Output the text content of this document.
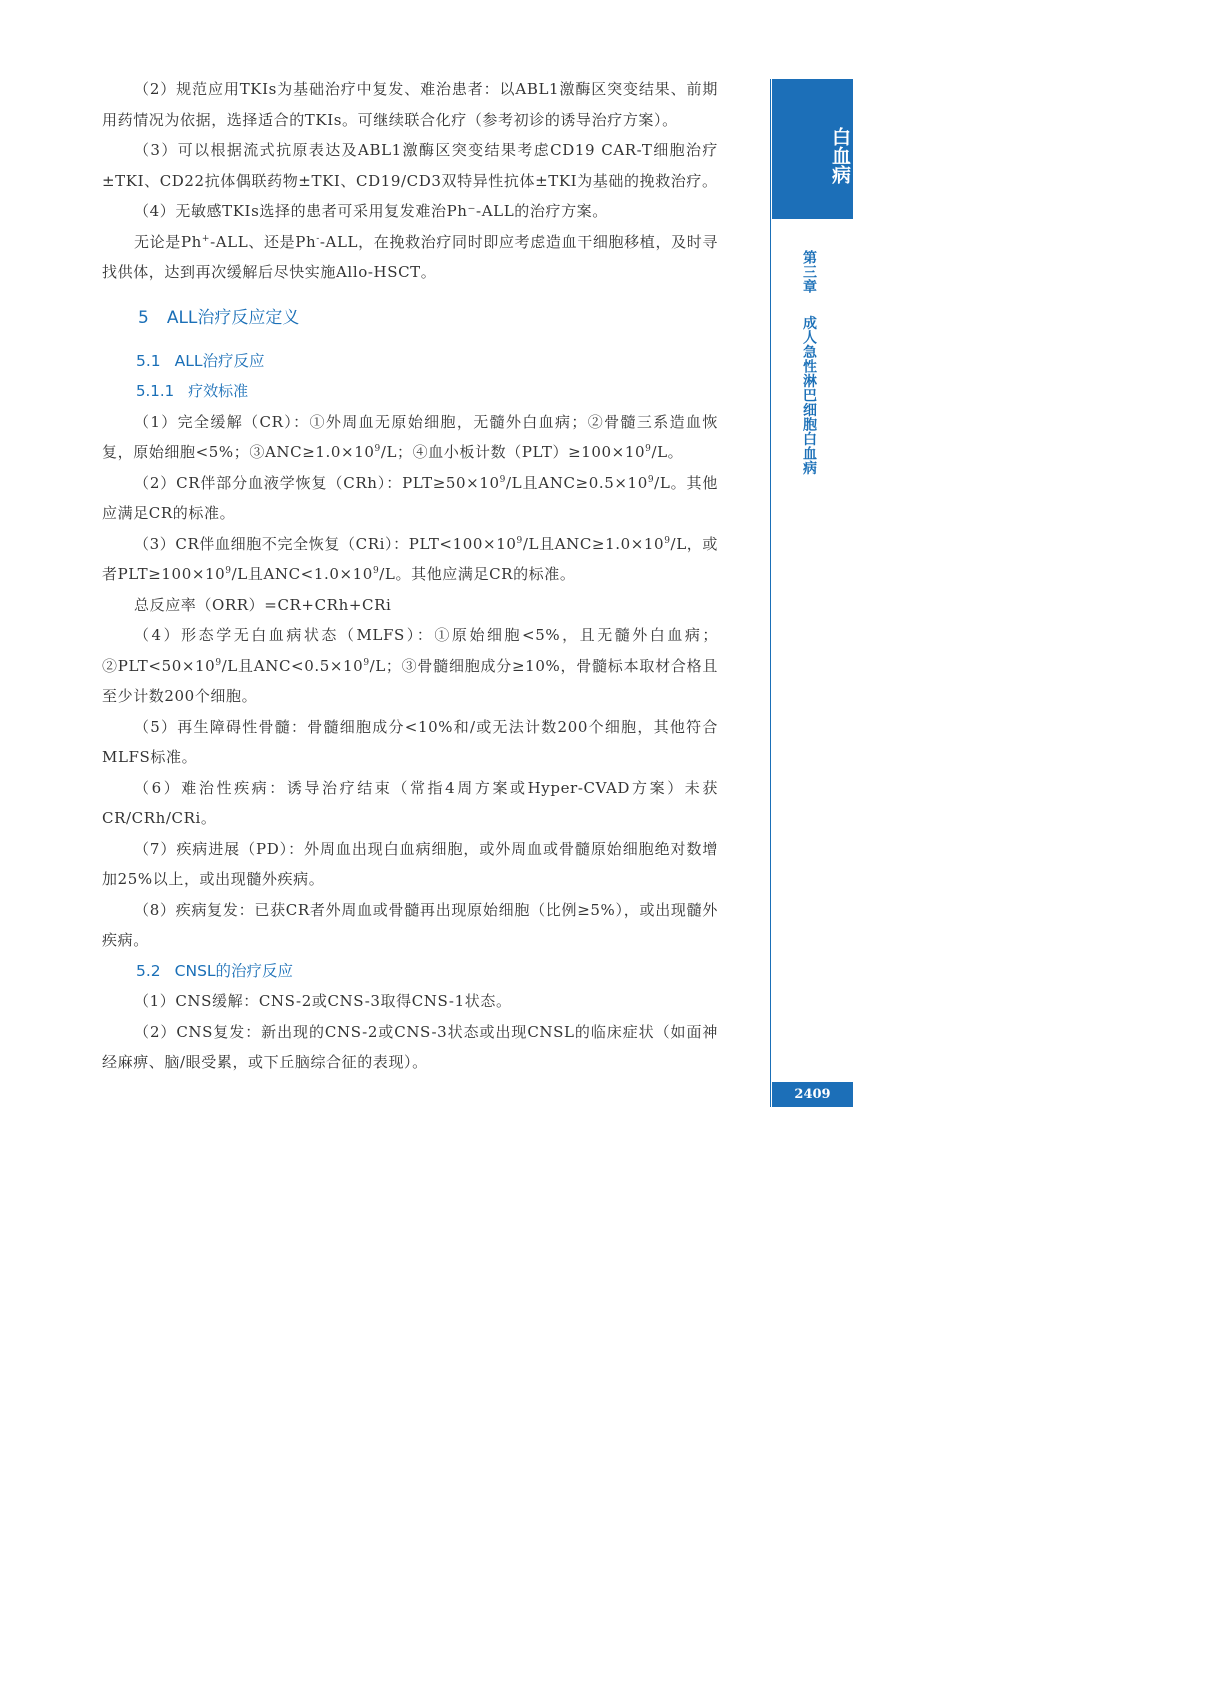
（2）规范应用TKIs为基础治疗中复发、难治患者：以ABL1激酶区突变结果、前期用药情况为依据，选择适合的TKIs。可继续联合化疗（参考初诊的诱导治疗方案）。

（3）可以根据流式抗原表达及ABL1激酶区突变结果考虑CD19 CAR-T细胞治疗±TKI、CD22抗体偶联药物±TKI、CD19/CD3双特异性抗体±TKI为基础的挽救治疗。

（4）无敏感TKIs选择的患者可采用复发难治Ph⁻-ALL的治疗方案。

无论是Ph+-ALL、还是Ph--ALL，在挽救治疗同时即应考虑造血干细胞移植，及时寻找供体，达到再次缓解后尽快实施Allo-HSCT。

5 ALL治疗反应定义
5.1 ALL治疗反应
5.1.1 疗效标准

（1）完全缓解（CR）：①外周血无原始细胞，无髓外白血病；②骨髓三系造血恢复，原始细胞<5%；$③ANC\ge 1.0\times 10^9/L$；④血小板计数$(PLT)\ge 100\times 10^9/L$。

（2）CR伴部分血液学恢复（CRh）：$PLT\ge 50\times 10^9/L$且$ANC\ge 0.5\times 10^9/L$。其他应满足CR的标准。

（3）CR伴血细胞不完全恢复（CRi）：$PLT<100\times 10^9/L$且$ANC\ge 1.0\times 10^9/L$，或者$PLT\ge 100\times 10^9/L$且$ANC<1.0\times 10^9/L$。其他应满足CR的标准。

总反应率（ORR）=CR+CRh+CRi

（4）形态学无白血病状态（MLFS）：①原始细胞<5%，且无髓外白血病；$②PLT<50\times 10^9/L$且$ANC<0.5\times 10^9/L$；③骨髓细胞成分≥10%，骨髓标本取材合格且至少计数200个细胞。

（5）再生障碍性骨髓：骨髓细胞成分<10%和/或无法计数200个细胞，其他符合MLFS标准。

（6）难治性疾病：诱导治疗结束（常指4周方案或Hyper-CVAD方案）未获CR/CRh/CRi。

（7）疾病进展（PD）：外周血出现白血病细胞，或外周血或骨髓原始细胞绝对数增加25%以上，或出现髓外疾病。

（8）疾病复发：已获CR者外周血或骨髓再出现原始细胞（比例≥5%），或出现髓外疾病。

5.2 CNSL的治疗反应

（1）CNS缓解：CNS-2或CNS-3取得CNS-1状态。

（2）CNS复发：新出现的CNS-2或CNS-3状态或出现CNSL的临床症状（如面神经麻痹、脑/眼受累，或下丘脑综合征的表现）。

白血病
第三章成人急性淋巴细胞白血病
2409
